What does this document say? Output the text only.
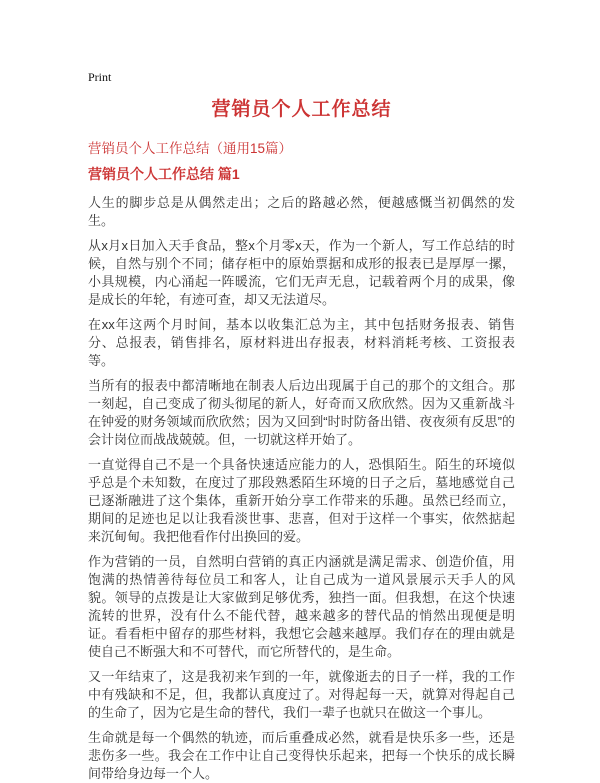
Print
营销员个人工作总结
营销员个人工作总结（通用15篇）
营销员个人工作总结 篇1

人生的脚步总是从偶然走出；之后的路越必然，便越感慨当初偶然的发生。

从x月x日加入天手食品，整x个月零x天，作为一个新人，写工作总结的时候，自然与别个不同；储存柜中的原始票据和成形的报表已是厚厚一摞，小具规模，内心涌起一阵暖流，它们无声无息，记载着两个月的成果，像是成长的年轮，有迹可查，却又无法道尽。

在xx年这两个月时间，基本以收集汇总为主，其中包括财务报表、销售分、总报表，销售排名，原材料进出存报表，材料消耗考核、工资报表等。

当所有的报表中都清晰地在制表人后边出现属于自己的那个的文组合。那一刻起，自己变成了彻头彻尾的新人，好奇而又欣欣然。因为又重新战斗在钟爱的财务领域而欣欣然；因为又回到“时时防备出错、夜夜须有反思”的会计岗位而战战兢兢。但，一切就这样开始了。

一直觉得自己不是一个具备快速适应能力的人，恐惧陌生。陌生的环境似乎总是个未知数，在度过了那段熟悉陌生环境的日子之后，墓地感觉自己已逐渐融进了这个集体，重新开始分享工作带来的乐趣。虽然已经而立，期间的足迹也足以让我看淡世事、悲喜，但对于这样一个事实，依然掂起来沉甸甸。我把他看作付出换回的爱。

作为营销的一员，自然明白营销的真正内涵就是满足需求、创造价值，用饱满的热情善待每位员工和客人，让自己成为一道风景展示天手人的风貌。领导的点拨是让大家做到足够优秀，独挡一面。但我想，在这个快速流转的世界，没有什么不能代替，越来越多的替代品的悄然出现便是明证。看看柜中留存的那些材料，我想它会越来越厚。我们存在的理由就是使自己不断强大和不可替代，而它所替代的，是生命。

又一年结束了，这是我初来乍到的一年，就像逝去的日子一样，我的工作中有残缺和不足，但，我都认真度过了。对得起每一天，就算对得起自己的生命了，因为它是生命的替代，我们一辈子也就只在做这一个事儿。

生命就是每一个偶然的轨迹，而后重叠成必然，就看是快乐多一些，还是悲伤多一些。我会在工作中让自己变得快乐起来，把每一个快乐的成长瞬间带给身边每一个人。
